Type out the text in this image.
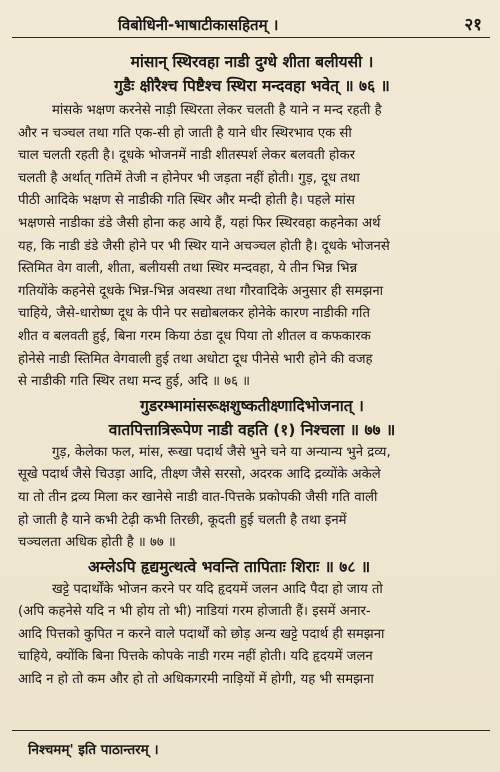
विबोधिनी-भाषाटीकासहितम् ।	२१
मांसान् स्थिरवहा नाडी दुग्धे शीता बलीयसी ।
गुडैः क्षीरैश्च पिष्टैश्च स्थिरा मन्दवहा भवेत् ॥ ७६ ॥

मांसके भक्षण करनेसे नाड़ी स्थिरता लेकर चलती है याने न मन्द रहती है
और न चञ्चल तथा गति एक-सी हो जाती है याने धीर स्थिरभाव एक सी
चाल चलती रहती है। दूधके भोजनमें नाडी शीतस्पर्श लेकर बलवती होकर
चलती है अर्थात् गतिमें तेजी न होनेपर भी जड़ता नहीं होती। गुड़, दूध तथा
पीठी आदिके भक्षण से नाडीकी गति स्थिर और मन्दी होती है। पहले मांस
भक्षणसे नाडीका डंडे जैसी होना कह आये हैं, यहां फिर स्थिरवहा कहनेका अर्थ
यह, कि नाडी डंडे जैसी होने पर भी स्थिर याने अचञ्चल होती है। दूधके भोजनसे
स्तिमित वेग वाली, शीता, बलीयसी तथा स्थिर मन्दवहा, ये तीन भिन्न भिन्न
गतियोंके कहनेसे दूधके भिन्न-भिन्न अवस्था तथा गौरवादिके अनुसार ही समझना
चाहिये, जैसे-धारोष्ण दूध के पीने पर सद्योबलकर होनेके कारण नाडीकी गति
शीत व बलवती हुई, बिना गरम किया ठंडा दूध पिया तो शीतल व कफकारक
होनेसे नाडी स्तिमित वेगवाली हुई तथा अधोटा दूध पीनेसे भारी होने की वजह
से नाडीकी गति स्थिर तथा मन्द हुई, अदि ॥ ७६ ॥

गुडरम्भामांसरूक्षशुष्कतीक्ष्णादिभोजनात् ।
वातपित्तात्रिरूपेण नाडी वहति (१) निश्चला ॥ ७७ ॥

गुड़, केलेका फल, मांस, रूखा पदार्थ जैसे भुने चने या अन्यान्य भुने द्रव्य,
सूखे पदार्थ जैसे चिउड़ा आदि, तीक्ष्ण जैसे सरसो, अदरक आदि द्रव्योंके अकेले
या तो तीन द्रव्य मिला कर खानेसे नाडी वात-पित्तके प्रकोपकी जैसी गति वाली
हो जाती है याने कभी टेढ़ी कभी तिरछी, कूदती हुई चलती है तथा इनमें
चञ्चलता अधिक होती है ॥ ७७ ॥

अम्लेऽपि हृद्यमुत्थत्वे भवन्ति तापिताः शिराः ॥ ७८ ॥

खट्टे पदार्थोंके भोजन करने पर यदि हृदयमें जलन आदि पैदा हो जाय तो
(अपि कहनेसे यदि न भी होय तो भी) नाडियां गरम होजाती हैं। इसमें अनार-
आदि पित्तको कुपित न करने वाले पदार्थों को छोड़ अन्य खट्टे पदार्थ ही समझना
चाहिये, क्योंकि बिना पित्तके कोपके नाडी गरम नहीं होती। यदि हृदयमें जलन
आदि न हो तो कम और हो तो अधिकगरमी नाड़ियों में होगी, यह भी समझना

निश्चमम्' इति पाठान्तरम् ।
